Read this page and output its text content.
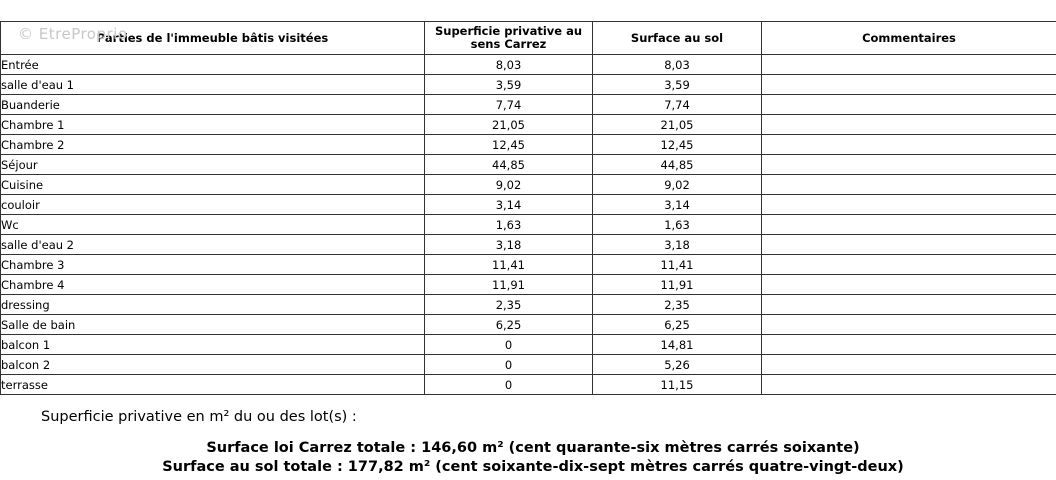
© EtreProprio
Parties de l'immeuble bâtis visitées	Superficie privative au sens Carrez	Surface au sol	Commentaires
Entrée	8,03	8,03	
salle d'eau 1	3,59	3,59	
Buanderie	7,74	7,74	
Chambre 1	21,05	21,05	
Chambre 2	12,45	12,45	
Séjour	44,85	44,85	
Cuisine	9,02	9,02	
couloir	3,14	3,14	
Wc	1,63	1,63	
salle d'eau 2	3,18	3,18	
Chambre 3	11,41	11,41	
Chambre 4	11,91	11,91	
dressing	2,35	2,35	
Salle de bain	6,25	6,25	
balcon 1	0	14,81	
balcon 2	0	5,26	
terrasse	0	11,15	
Superficie privative en m² du ou des lot(s) :
Surface loi Carrez totale : 146,60 m² (cent quarante-six mètres carrés soixante)
Surface au sol totale : 177,82 m² (cent soixante-dix-sept mètres carrés quatre-vingt-deux)
